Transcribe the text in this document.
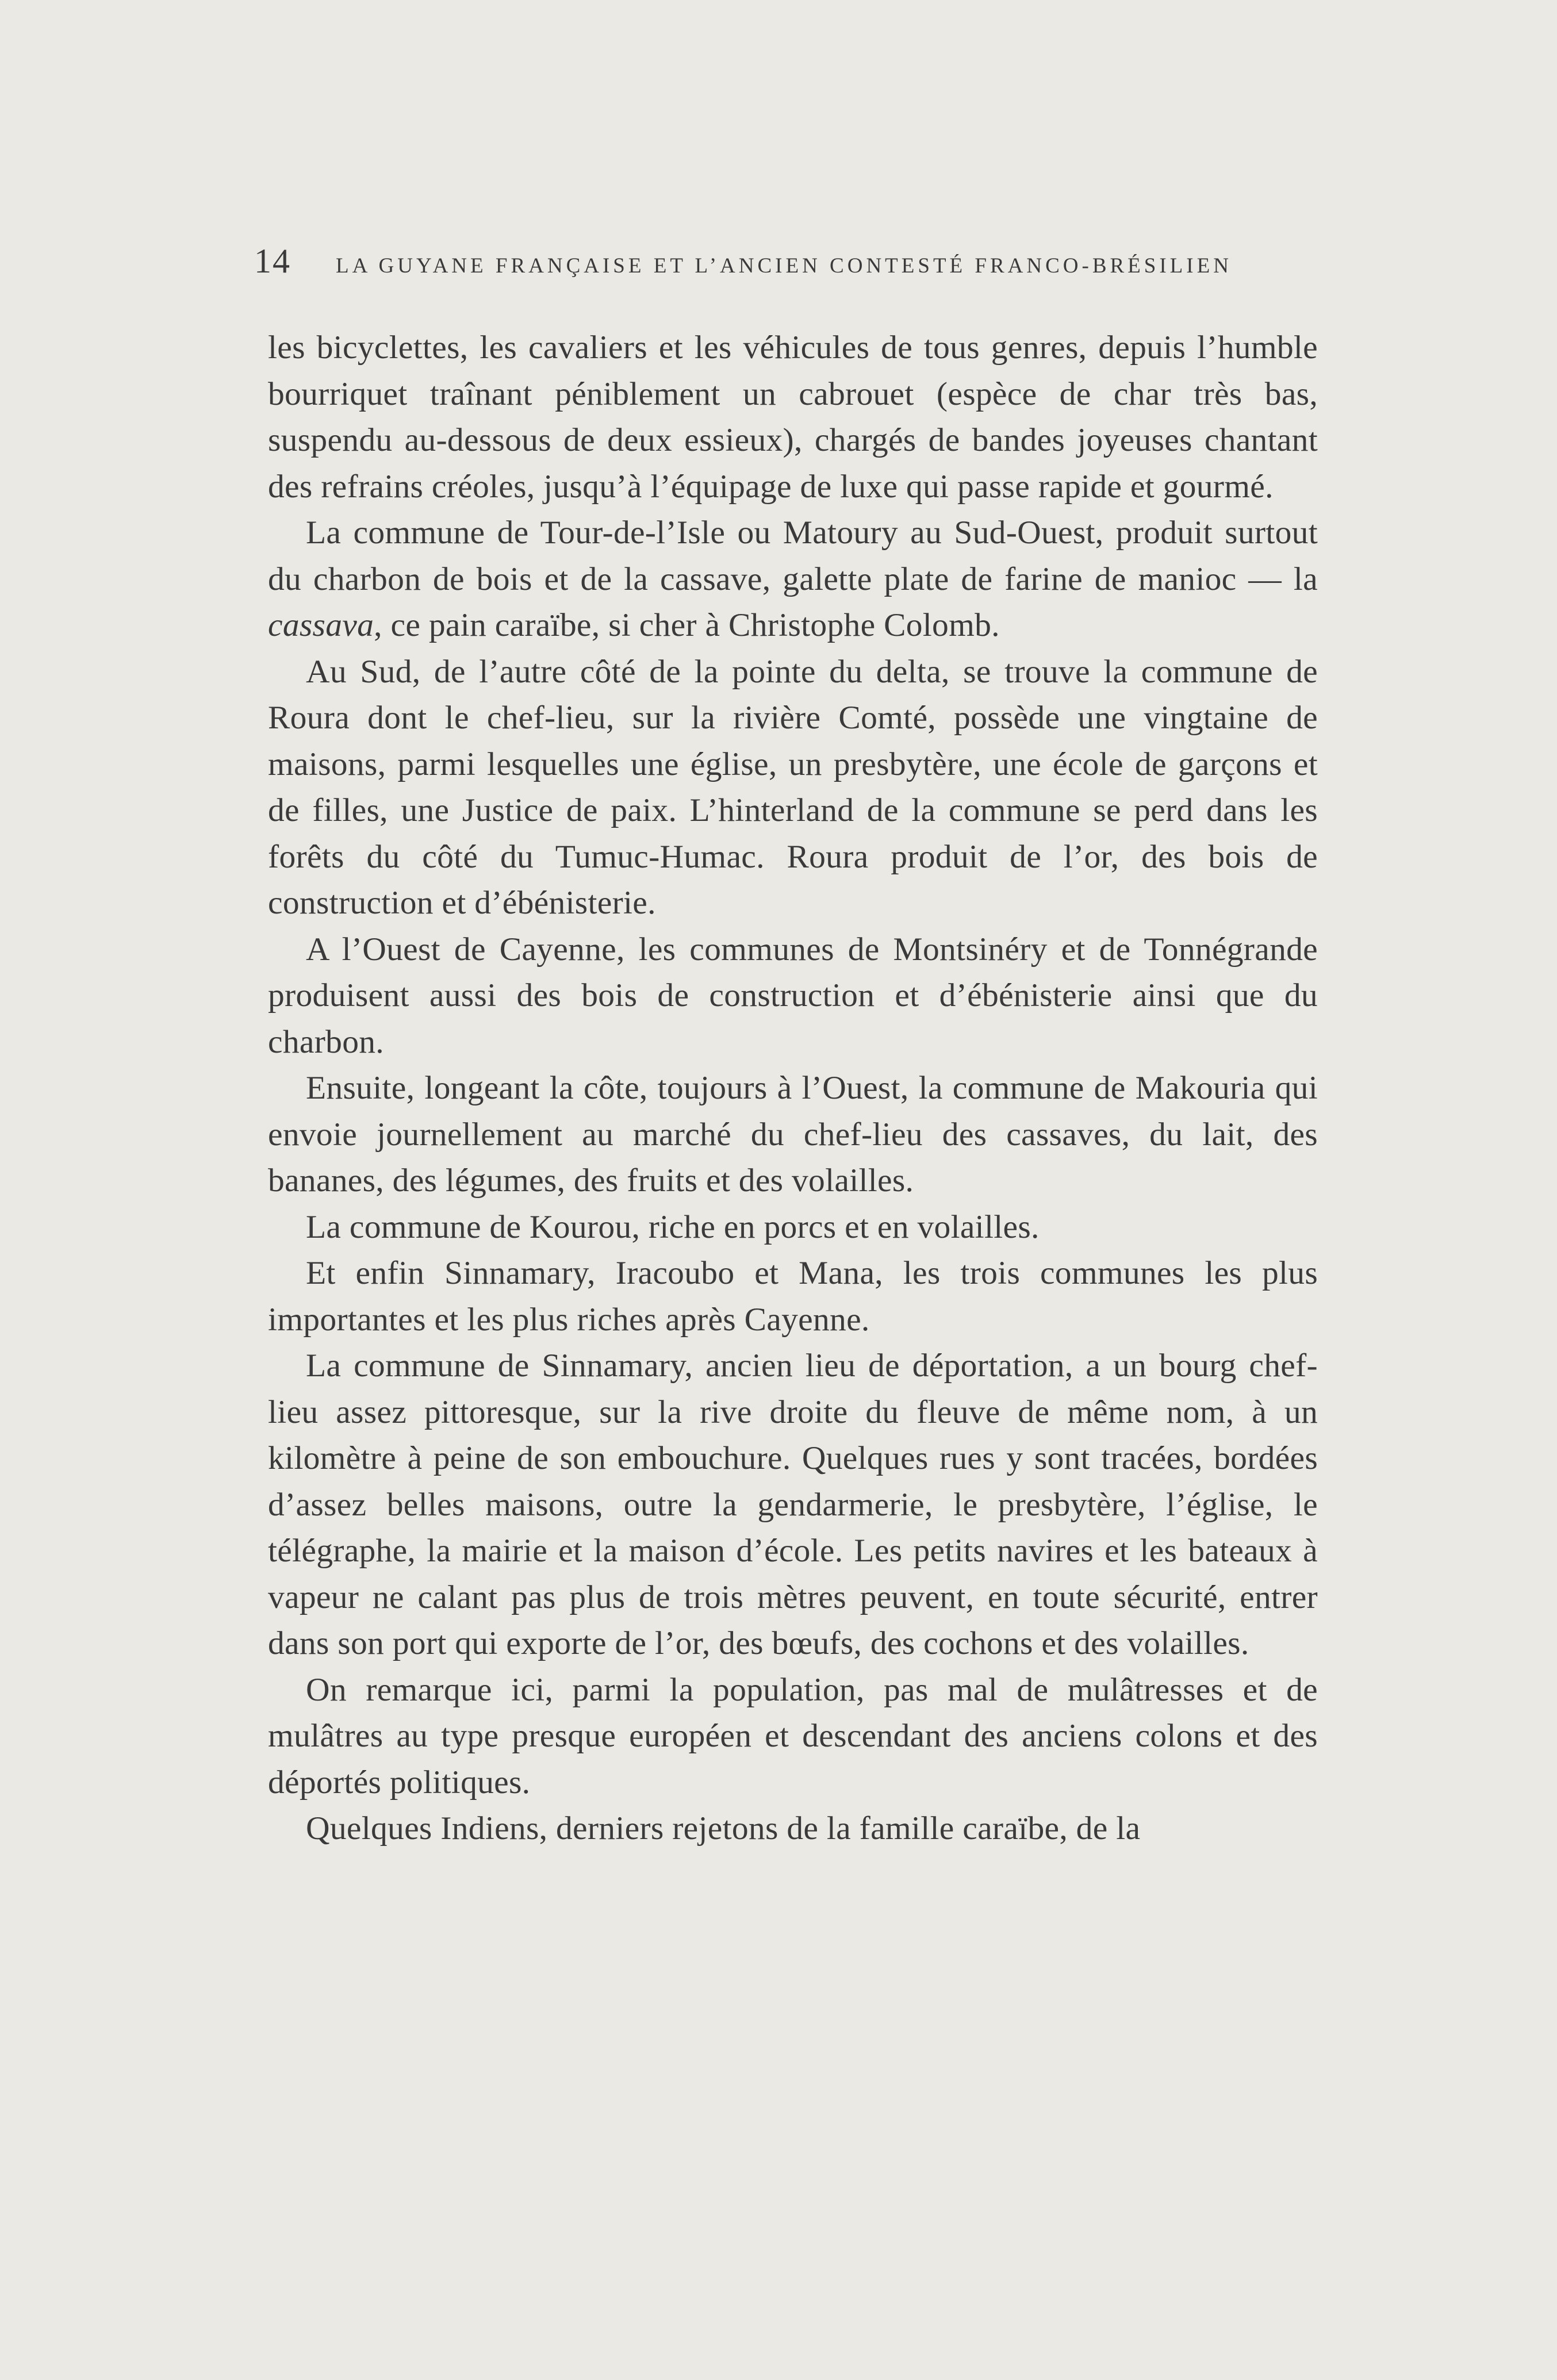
14 LA GUYANE FRANÇAISE ET L’ANCIEN CONTESTÉ FRANCO-BRÉSILIEN

les bicyclettes, les cavaliers et les véhicules de tous genres, depuis l’humble bourriquet traînant péniblement un cabrouet (espèce de char très bas, suspendu au-dessous de deux essieux), chargés de bandes joyeuses chantant des refrains créoles, jusqu’à l’équipage de luxe qui passe rapide et gourmé.

La commune de Tour-de-l’Isle ou Matoury au Sud-Ouest, produit surtout du charbon de bois et de la cassave, galette plate de farine de manioc — la cassava, ce pain caraïbe, si cher à Christophe Colomb.

Au Sud, de l’autre côté de la pointe du delta, se trouve la commune de Roura dont le chef-lieu, sur la rivière Comté, possède une vingtaine de maisons, parmi lesquelles une église, un presbytère, une école de garçons et de filles, une Justice de paix. L’hinterland de la commune se perd dans les forêts du côté du Tumuc-Humac. Roura produit de l’or, des bois de construction et d’ébénisterie.

A l’Ouest de Cayenne, les communes de Montsinéry et de Tonnégrande produisent aussi des bois de construction et d’ébénisterie ainsi que du charbon.

Ensuite, longeant la côte, toujours à l’Ouest, la commune de Makouria qui envoie journellement au marché du chef-lieu des cassaves, du lait, des bananes, des légumes, des fruits et des volailles.

La commune de Kourou, riche en porcs et en volailles.

Et enfin Sinnamary, Iracoubo et Mana, les trois communes les plus importantes et les plus riches après Cayenne.

La commune de Sinnamary, ancien lieu de déportation, a un bourg chef-lieu assez pittoresque, sur la rive droite du fleuve de même nom, à un kilomètre à peine de son embouchure. Quelques rues y sont tracées, bordées d’assez belles maisons, outre la gendarmerie, le presbytère, l’église, le télégraphe, la mairie et la maison d’école. Les petits navires et les bateaux à vapeur ne calant pas plus de trois mètres peuvent, en toute sécurité, entrer dans son port qui exporte de l’or, des bœufs, des cochons et des volailles.

On remarque ici, parmi la population, pas mal de mulâtresses et de mulâtres au type presque européen et descendant des anciens colons et des déportés politiques.

Quelques Indiens, derniers rejetons de la famille caraïbe, de la
